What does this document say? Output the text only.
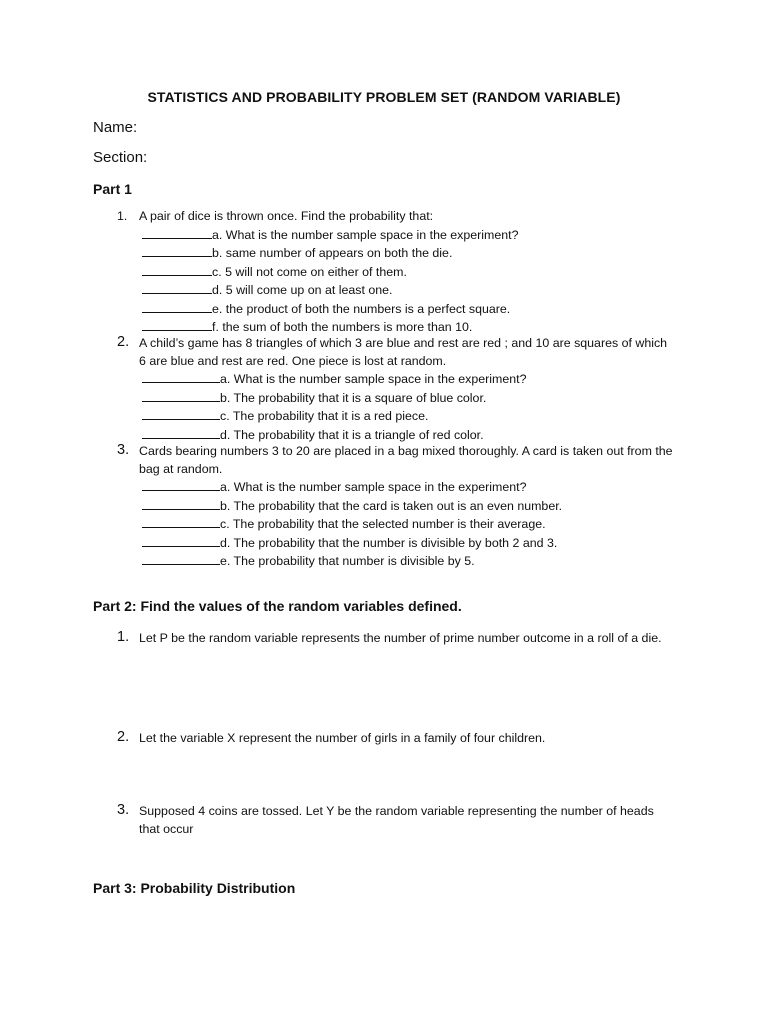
STATISTICS AND PROBABILITY PROBLEM SET (RANDOM VARIABLE)
Name:
Section:
Part 1
1. A pair of dice is thrown once. Find the probability that:
a. What is the number sample space in the experiment?
b. same number of appears on both the die.
c. 5 will not come on either of them.
d. 5 will come up on at least one.
e. the product of both the numbers is a perfect square.
f. the sum of both the numbers is more than 10.
2. A child’s game has 8 triangles of which 3 are blue and rest are red ; and 10 are squares of which 6 are blue and rest are red. One piece is lost at random.
a. What is the number sample space in the experiment?
b. The probability that it is a square of blue color.
c. The probability that it is a red piece.
d. The probability that it is a triangle of red color.
3. Cards bearing numbers 3 to 20 are placed in a bag mixed thoroughly. A card is taken out from the bag at random.
a. What is the number sample space in the experiment?
b. The probability that the card is taken out is an even number.
c. The probability that the selected number is their average.
d. The probability that the number is divisible by both 2 and 3.
e. The probability that number is divisible by 5.
Part 2: Find the values of the random variables defined.
1. Let P be the random variable represents the number of prime number outcome in a roll of a die.
2. Let the variable X represent the number of girls in a family of four children.
3. Supposed 4 coins are tossed. Let Y be the random variable representing the number of heads that occur
Part 3: Probability Distribution
